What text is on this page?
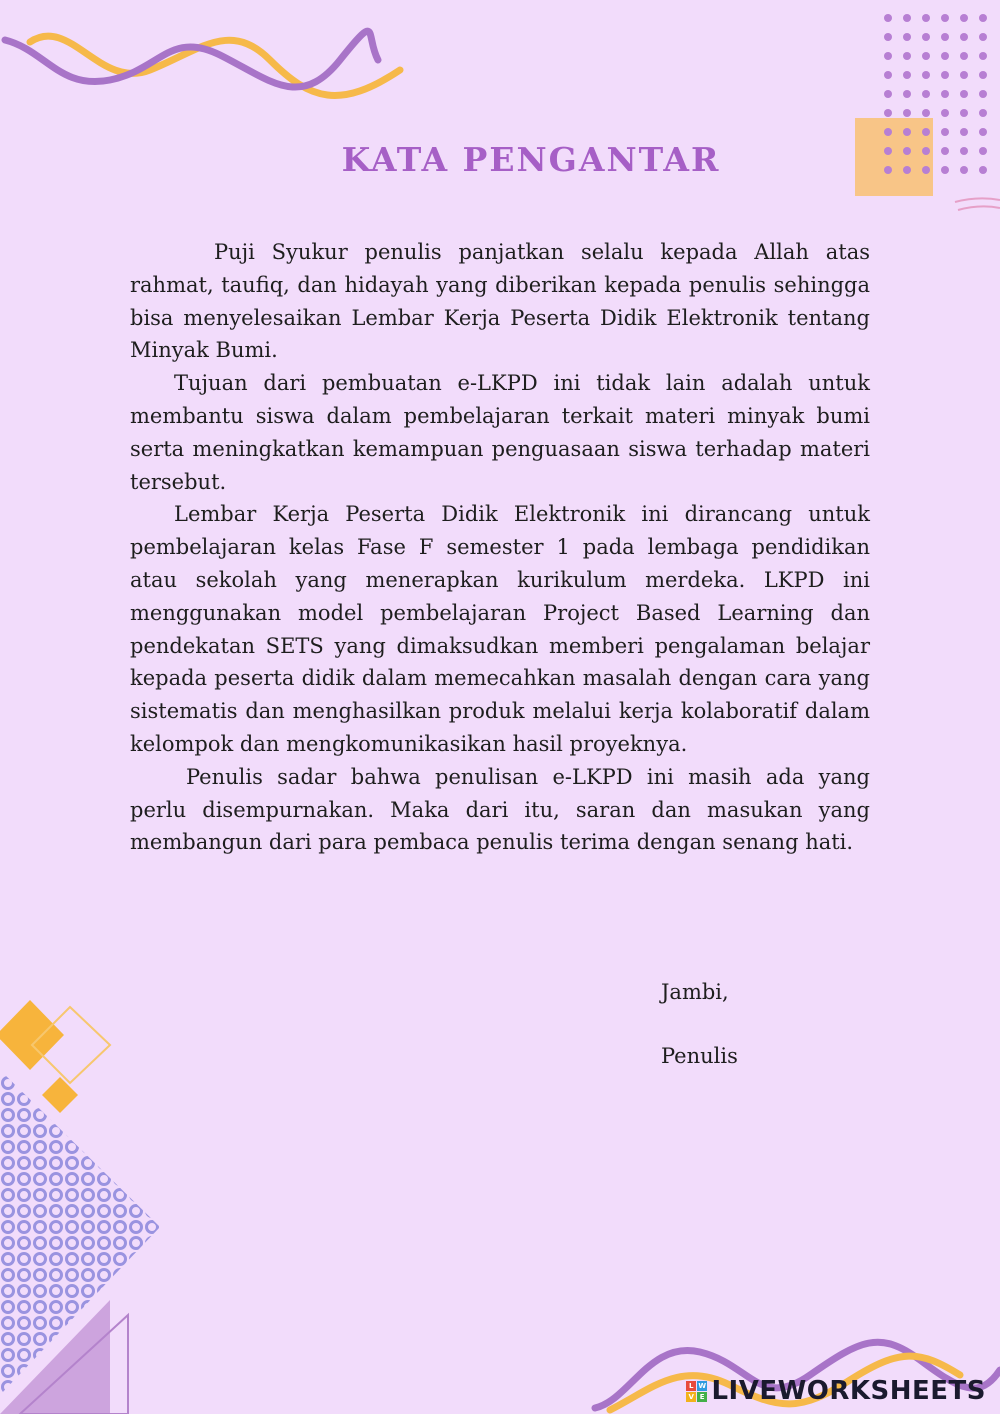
KATA PENGANTAR

Puji Syukur penulis panjatkan selalu kepada Allah atas rahmat, taufiq, dan hidayah yang diberikan kepada penulis sehingga bisa menyelesaikan Lembar Kerja Peserta Didik Elektronik tentang Minyak Bumi.

Tujuan dari pembuatan e-LKPD ini tidak lain adalah untuk membantu siswa dalam pembelajaran terkait materi minyak bumi serta meningkatkan kemampuan penguasaan siswa terhadap materi tersebut.

Lembar Kerja Peserta Didik Elektronik ini dirancang untuk pembelajaran kelas Fase F semester 1 pada lembaga pendidikan atau sekolah yang menerapkan kurikulum merdeka. LKPD ini menggunakan model pembelajaran Project Based Learning dan pendekatan SETS yang dimaksudkan memberi pengalaman belajar kepada peserta didik dalam memecahkan masalah dengan cara yang sistematis dan menghasilkan produk melalui kerja kolaboratif dalam kelompok dan mengkomunikasikan hasil proyeknya.

Penulis sadar bahwa penulisan e-LKPD ini masih ada yang perlu disempurnakan. Maka dari itu, saran dan masukan yang membangun dari para pembaca penulis terima dengan senang hati.

Jambi,
Penulis
L W
V E LIVEWORKSHEETS
